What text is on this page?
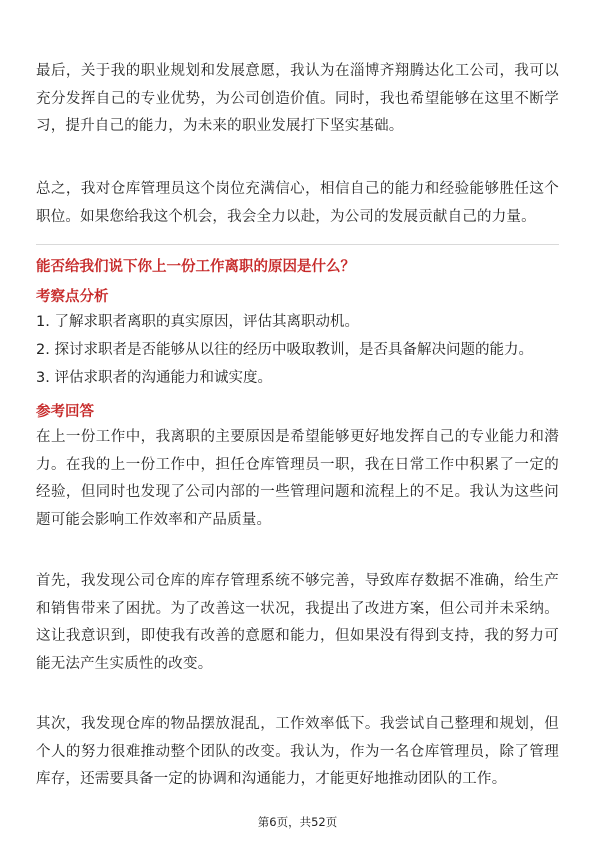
最后，关于我的职业规划和发展意愿，我认为在淄博齐翔腾达化工公司，我可以充分发挥自己的专业优势，为公司创造价值。同时，我也希望能够在这里不断学习，提升自己的能力，为未来的职业发展打下坚实基础。

总之，我对仓库管理员这个岗位充满信心，相信自己的能力和经验能够胜任这个职位。如果您给我这个机会，我会全力以赴，为公司的发展贡献自己的力量。

能否给我们说下你上一份工作离职的原因是什么？

考察点分析

1. 了解求职者离职的真实原因，评估其离职动机。

2. 探讨求职者是否能够从以往的经历中吸取教训，是否具备解决问题的能力。

3. 评估求职者的沟通能力和诚实度。

参考回答

在上一份工作中，我离职的主要原因是希望能够更好地发挥自己的专业能力和潜力。在我的上一份工作中，担任仓库管理员一职，我在日常工作中积累了一定的经验，但同时也发现了公司内部的一些管理问题和流程上的不足。我认为这些问题可能会影响工作效率和产品质量。

首先，我发现公司仓库的库存管理系统不够完善，导致库存数据不准确，给生产和销售带来了困扰。为了改善这一状况，我提出了改进方案，但公司并未采纳。这让我意识到，即使我有改善的意愿和能力，但如果没有得到支持，我的努力可能无法产生实质性的改变。

其次，我发现仓库的物品摆放混乱，工作效率低下。我尝试自己整理和规划，但个人的努力很难推动整个团队的改变。我认为，作为一名仓库管理员，除了管理库存，还需要具备一定的协调和沟通能力，才能更好地推动团队的工作。

第6页，共52页
